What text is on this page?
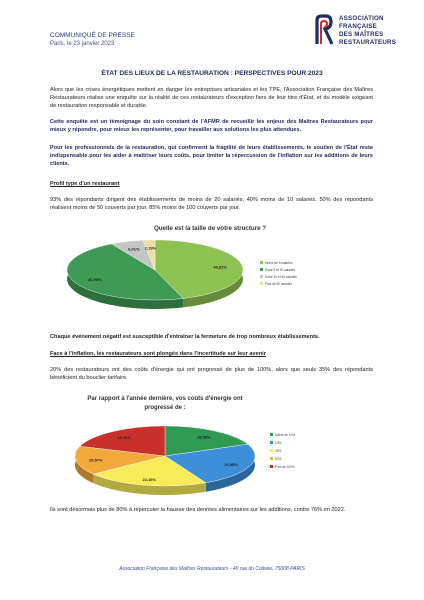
COMMUNIQUÉ DE PRESSE
Paris, le 23 janvier 2023
ASSOCIATION
FRANÇAISE
DES MAÎTRES
RESTAURATEURS
ÉTAT DES LIEUX DE LA RESTAURATION : PERSPECTIVES POUR 2023
Alors que les crises énergétiques mettent en danger les entreprises artisanales et les TPE, l'Association Française des Maîtres Restaurateurs réalise une enquête sur la réalité de ces restaurateurs d'exception fiers de leur titre d'État, et du modèle exigeant de restauration responsable et durable.
Cette enquête est un témoignage du soin constant de l'AFMR de recueillir les enjeux des Maîtres Restaurateurs pour mieux y répondre, pour mieux les représenter, pour travailler aux solutions les plus attendues.
Pour les professionnels de la restauration, qui confirment la fragilité de leurs établissements, le soutien de l'État reste indispensable pour les aider à maîtriser leurs coûts, pour limiter la répercussion de l'inflation sur les additions de leurs clients.
Profil type d'un restaurant
93% des répondants dirigent des établissements de moins de 20 salariés, 40% moins de 10 salariés. 50% des répondants réalisent moins de 50 couverts par jour, 85% moins de 100 couverts par jour.
Quelle est la taille de votre structure ?
44,81%
46,99%
6,01% 2,19%
Moins de 5 salariés
Entre 5 et 20 salariés
Entre 20 et 50 salariés
Plus de 50 salariés
Chaque événement négatif est susceptible d'entraîner la fermeture de trop nombreux établissements.
Face à l'inflation, les restaurateurs sont plongés dans l'incertitude sur leur avenir
20% des restaurateurs ont des coûts d'énergie qui ont progressé de plus de 100%, alors que seuls 35% des répondants bénéficient du bouclier tarifaire.
Par rapport à l'année dernière, vos coûts d'énergie ont
progressé de :
18,58%
23,95%
22,16%
15,57%
19,76%	Moins de 10%
10%
25%
50%
Plus de 100%
Ils sont désormais plus de 80% à répercuter la hausse des denrées alimentaires sur les additions, contre 76% en 2022.
Association Française des Maîtres Restaurateurs - 40 rue du Colisée, 75008 PARIS
